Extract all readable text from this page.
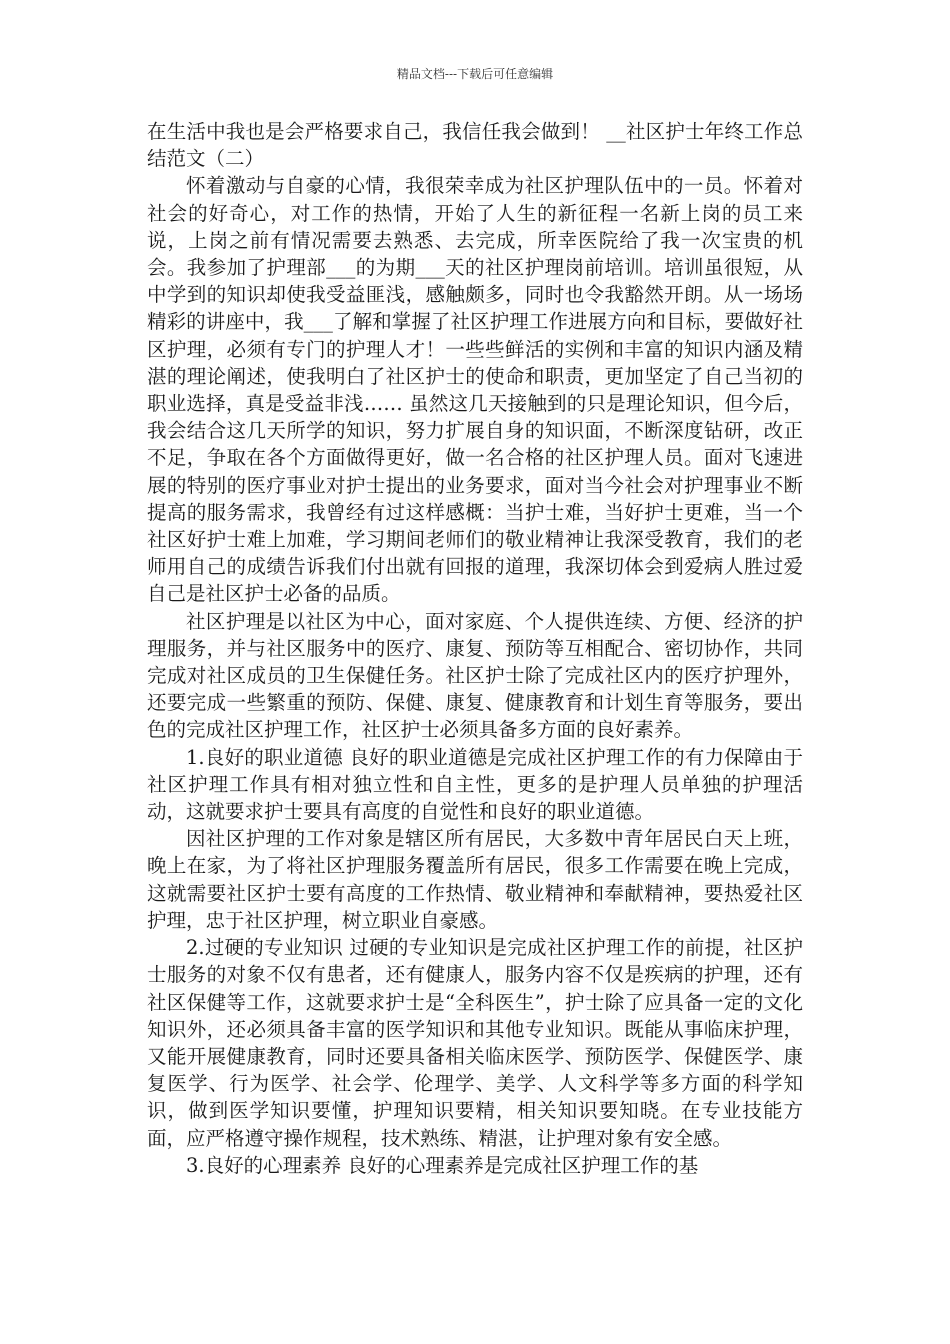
精品文档---下载后可任意编辑

在生活中我也是会严格要求自己，我信任我会做到！ __社区护士年终工作总结范文（二）

怀着激动与自豪的心情，我很荣幸成为社区护理队伍中的一员。怀着对社会的好奇心，对工作的热情，开始了人生的新征程一名新上岗的员工来说，上岗之前有情况需要去熟悉、去完成，所幸医院给了我一次宝贵的机会。我参加了护理部___的为期___天的社区护理岗前培训。培训虽很短，从中学到的知识却使我受益匪浅，感触颇多，同时也令我豁然开朗。从一场场精彩的讲座中，我___了解和掌握了社区护理工作进展方向和目标，要做好社区护理，必须有专门的护理人才！一些些鲜活的实例和丰富的知识内涵及精湛的理论阐述，使我明白了社区护士的使命和职责，更加坚定了自己当初的职业选择，真是受益非浅…… 虽然这几天接触到的只是理论知识，但今后，我会结合这几天所学的知识，努力扩展自身的知识面，不断深度钻研，改正不足，争取在各个方面做得更好，做一名合格的社区护理人员。面对飞速进展的特别的医疗事业对护士提出的业务要求，面对当今社会对护理事业不断提高的服务需求，我曾经有过这样感概：当护士难，当好护士更难，当一个社区好护士难上加难，学习期间老师们的敬业精神让我深受教育，我们的老师用自己的成绩告诉我们付出就有回报的道理，我深切体会到爱病人胜过爱自己是社区护士必备的品质。

社区护理是以社区为中心，面对家庭、个人提供连续、方便、经济的护理服务，并与社区服务中的医疗、康复、预防等互相配合、密切协作，共同完成对社区成员的卫生保健任务。社区护士除了完成社区内的医疗护理外，还要完成一些繁重的预防、保健、康复、健康教育和计划生育等服务，要出色的完成社区护理工作，社区护士必须具备多方面的良好素养。

1.良好的职业道德 良好的职业道德是完成社区护理工作的有力保障由于社区护理工作具有相对独立性和自主性，更多的是护理人员单独的护理活动，这就要求护士要具有高度的自觉性和良好的职业道德。

因社区护理的工作对象是辖区所有居民，大多数中青年居民白天上班，晚上在家，为了将社区护理服务覆盖所有居民，很多工作需要在晚上完成，这就需要社区护士要有高度的工作热情、敬业精神和奉献精神，要热爱社区护理，忠于社区护理，树立职业自豪感。

2.过硬的专业知识 过硬的专业知识是完成社区护理工作的前提，社区护士服务的对象不仅有患者，还有健康人，服务内容不仅是疾病的护理，还有社区保健等工作，这就要求护士是“全科医生”，护士除了应具备一定的文化知识外，还必须具备丰富的医学知识和其他专业知识。既能从事临床护理，又能开展健康教育，同时还要具备相关临床医学、预防医学、保健医学、康复医学、行为医学、社会学、伦理学、美学、人文科学等多方面的科学知识，做到医学知识要懂，护理知识要精，相关知识要知晓。在专业技能方面，应严格遵守操作规程，技术熟练、精湛，让护理对象有安全感。

3.良好的心理素养 良好的心理素养是完成社区护理工作的基
